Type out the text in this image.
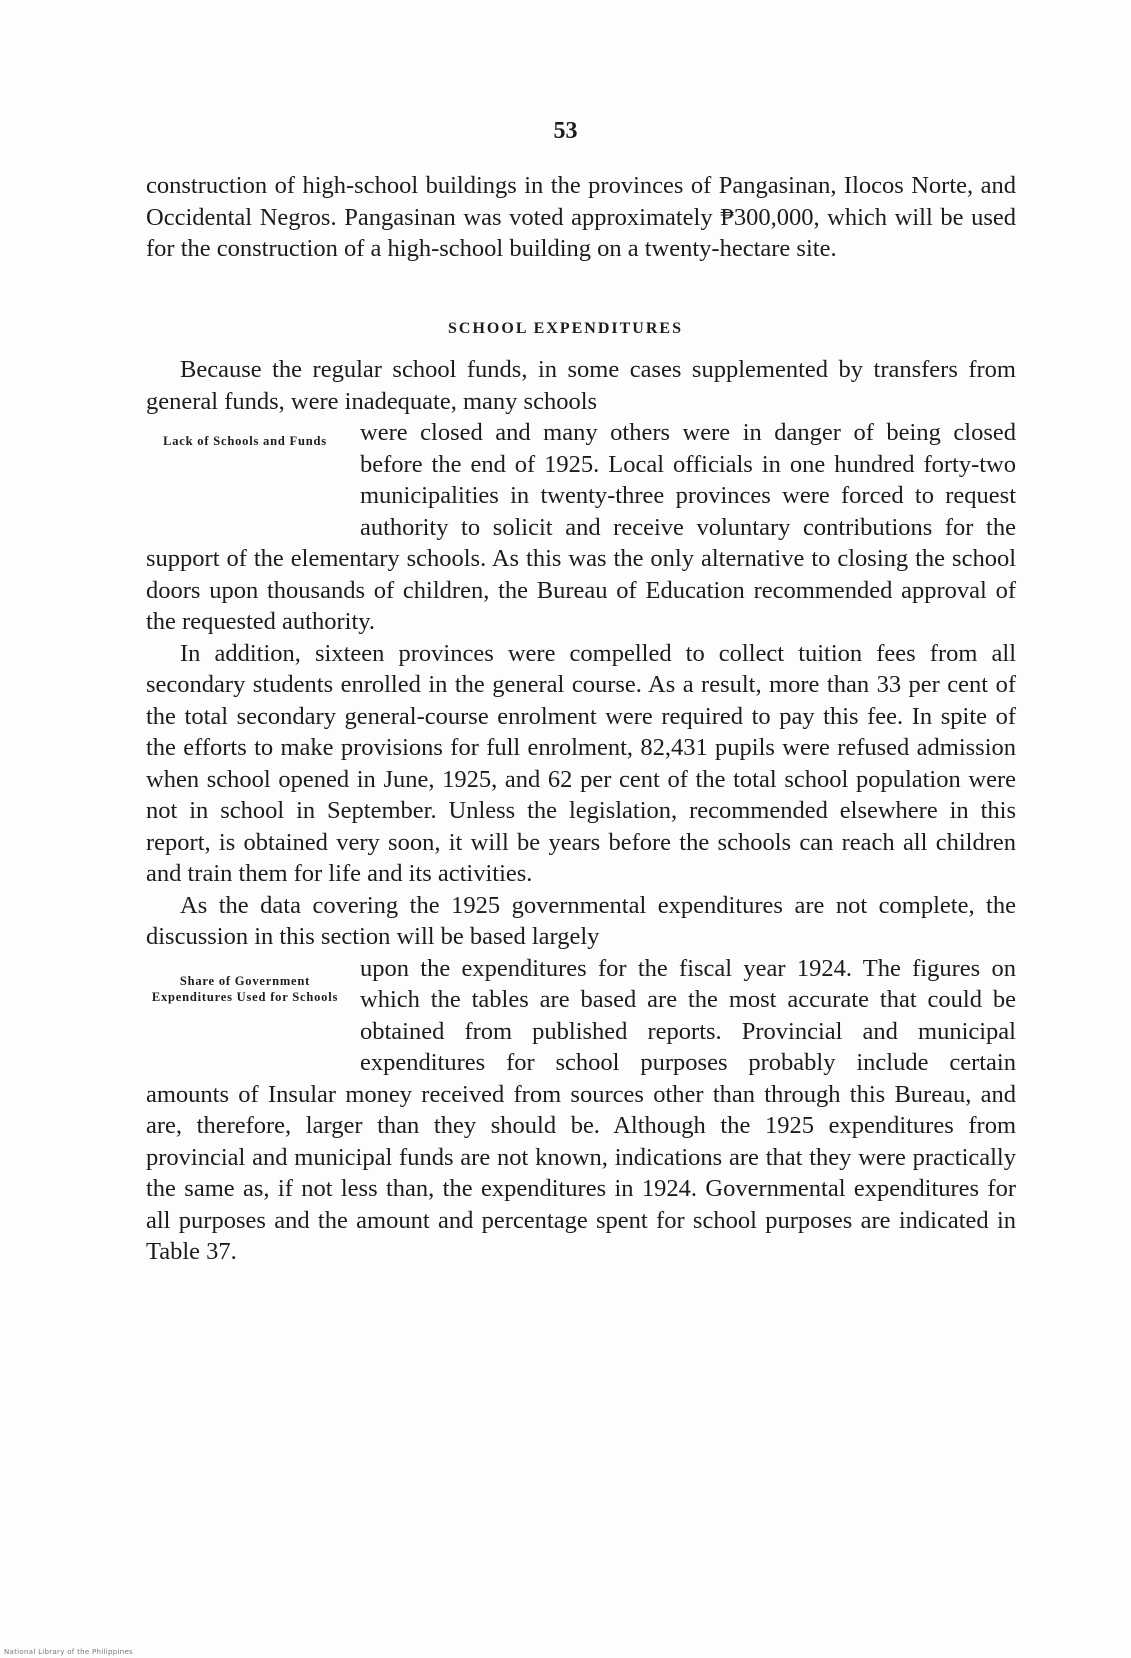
53

construction of high-school buildings in the provinces of Pangasinan, Ilocos Norte, and Occidental Negros. Pangasinan was voted approximately ₱300,000, which will be used for the construction of a high-school building on a twenty-hectare site.

SCHOOL EXPENDITURES

Because the regular school funds, in some cases supplemented by transfers from general funds, were inadequate, many schools

Lack of Schools and Funds	were closed and many others were in danger of being closed before the end of 1925. Local officials in one hundred forty-two municipalities in twenty-three provinces were forced to request authority to solicit and receive voluntary contributions for the support of the elementary schools. As this was the only alternative to closing the school doors upon thousands of children, the Bureau of Education recommended approval of the requested authority.

In addition, sixteen provinces were compelled to collect tuition fees from all secondary students enrolled in the general course. As a result, more than 33 per cent of the total secondary general-course enrolment were required to pay this fee. In spite of the efforts to make provisions for full enrolment, 82,431 pupils were refused admission when school opened in June, 1925, and 62 per cent of the total school population were not in school in September. Unless the legislation, recommended elsewhere in this report, is obtained very soon, it will be years before the schools can reach all children and train them for life and its activities.

As the data covering the 1925 governmental expenditures are not complete, the discussion in this section will be based largely

Share of Government Expenditures Used for Schools

upon the expenditures for the fiscal year 1924. The figures on which the tables are based are the most accurate that could be obtained from published reports. Provincial and municipal expenditures for school purposes probably include certain amounts of Insular money received from sources other than through this Bureau, and are, therefore, larger than they should be. Although the 1925 expenditures from provincial and municipal funds are not known, indications are that they were practically the same as, if not less than, the expenditures in 1924. Governmental expenditures for all purposes and the amount and percentage spent for school purposes are indicated in Table 37.

National Library of the Philippines
